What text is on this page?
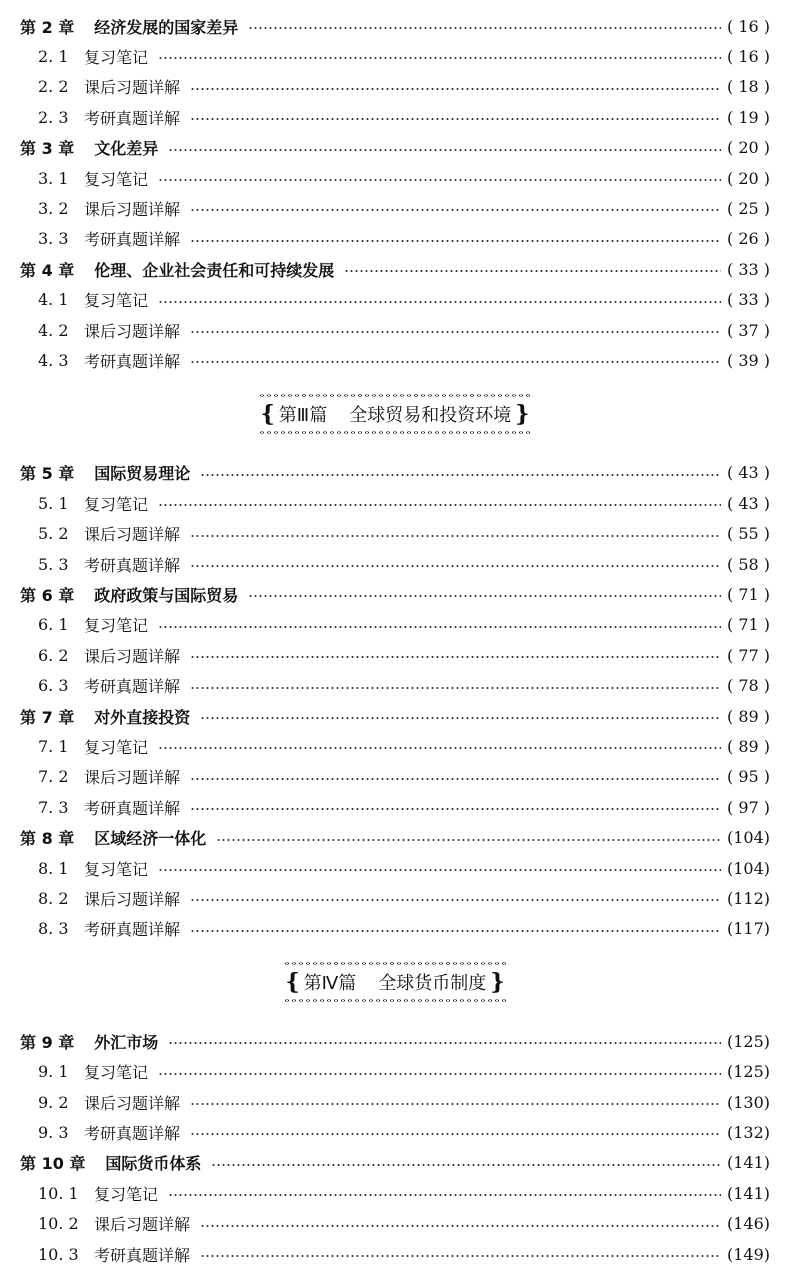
第 2 章 经济发展的国家差异	( 16 )
2. 1 复习笔记	( 16 )
2. 2 课后习题详解	( 18 )
2. 3 考研真题详解	( 19 )
第 3 章 文化差异	( 20 )
3. 1 复习笔记	( 20 )
3. 2 课后习题详解	( 25 )
3. 3 考研真题详解	( 26 )
第 4 章 伦理、企业社会责任和可持续发展	( 33 )
4. 1 复习笔记	( 33 )
4. 2 课后习题详解	( 37 )
4. 3 考研真题详解	( 39 )
{ 第Ⅲ篇 全球贸易和投资环境 }
第 5 章 国际贸易理论	( 43 )
5. 1 复习笔记	( 43 )
5. 2 课后习题详解	( 55 )
5. 3 考研真题详解	( 58 )
第 6 章 政府政策与国际贸易	( 71 )
6. 1 复习笔记	( 71 )
6. 2 课后习题详解	( 77 )
6. 3 考研真题详解	( 78 )
第 7 章 对外直接投资	( 89 )
7. 1 复习笔记	( 89 )
7. 2 课后习题详解	( 95 )
7. 3 考研真题详解	( 97 )
第 8 章 区域经济一体化	(104)
8. 1 复习笔记	(104)
8. 2 课后习题详解	(112)
8. 3 考研真题详解	(117)
{ 第Ⅳ篇 全球货币制度 }
第 9 章 外汇市场	(125)
9. 1 复习笔记	(125)
9. 2 课后习题详解	(130)
9. 3 考研真题详解	(132)
第 10 章 国际货币体系	(141)
10. 1 复习笔记	(141)
10. 2 课后习题详解	(146)
10. 3 考研真题详解	(149)
